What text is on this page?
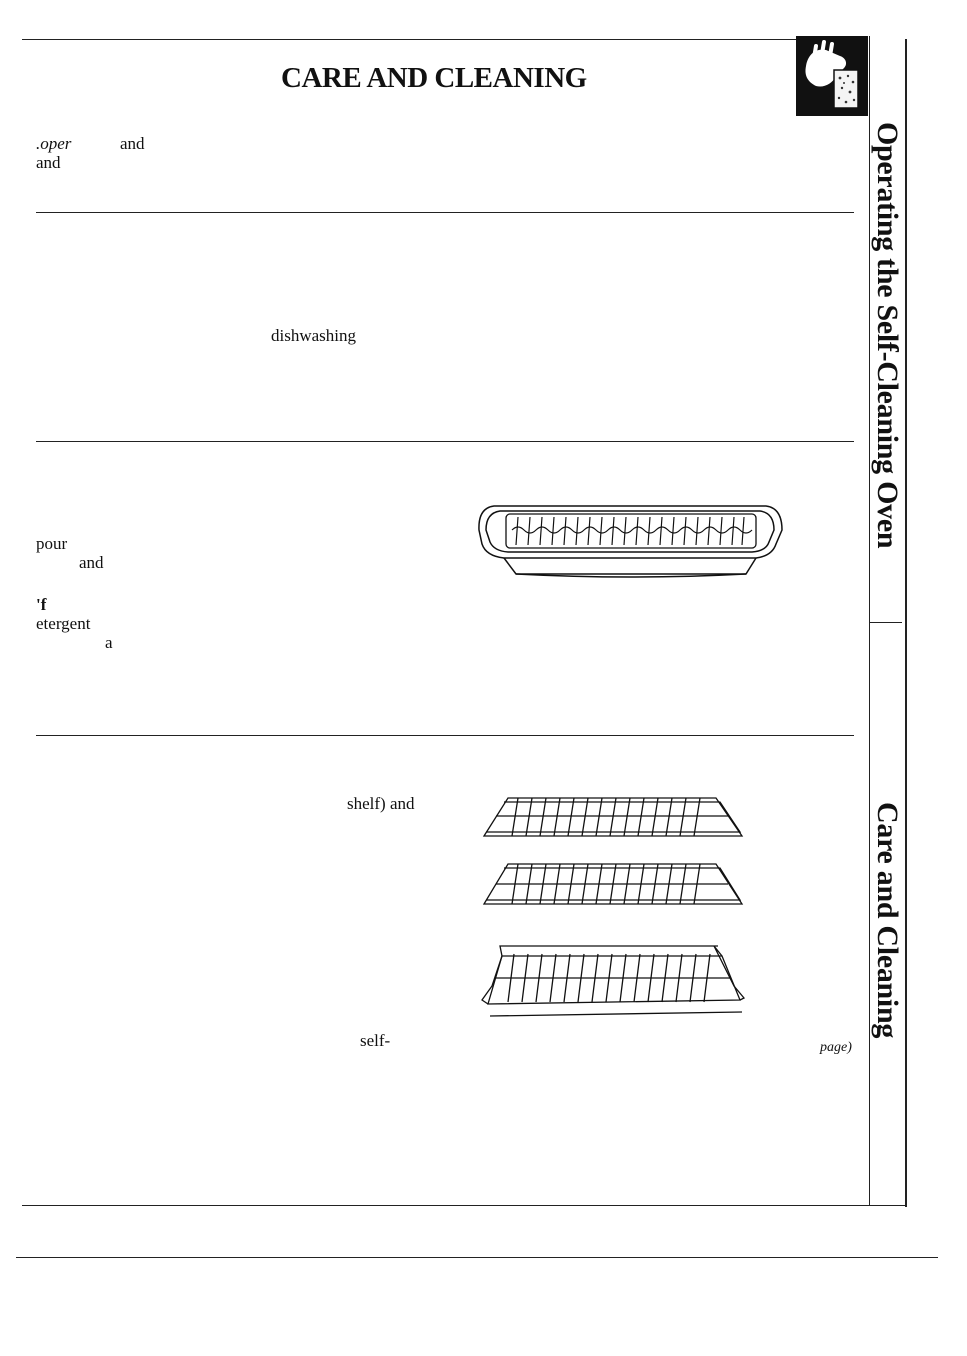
CARE AND CLEANING
Operating the Self-Cleaning Oven
Care and Cleaning
.oper	and
and
dishwashing
pour
and
'f
etergent
a
shelf) and
self-	page)
